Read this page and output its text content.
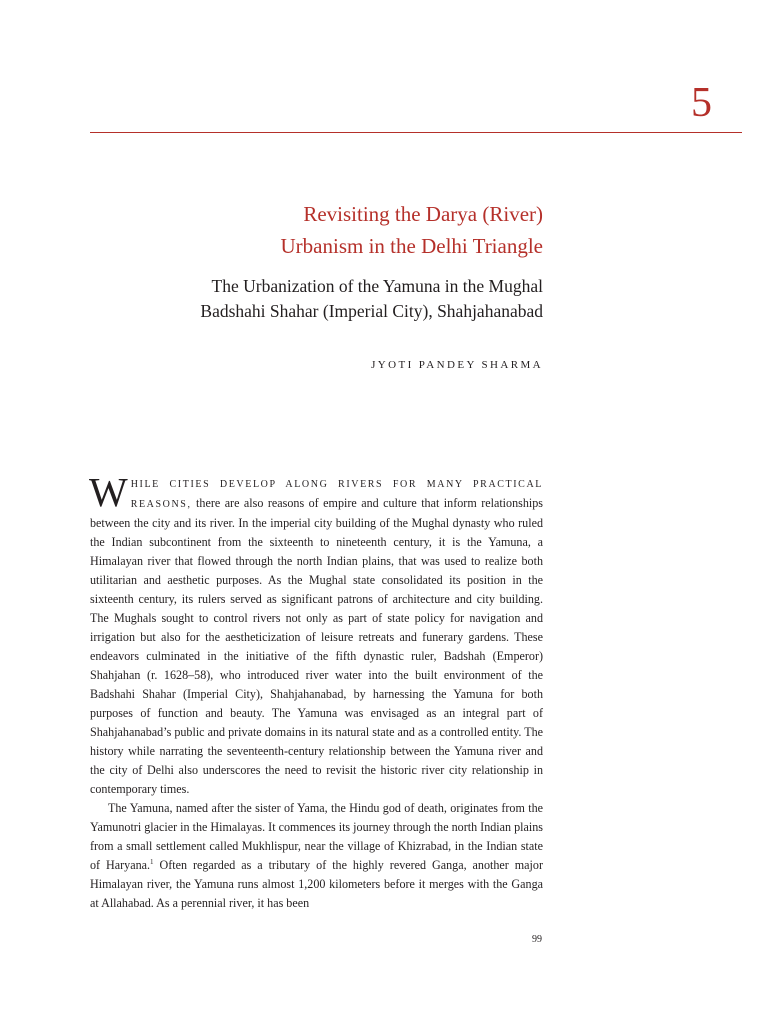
5
Revisiting the Darya (River)
Urbanism in the Delhi Triangle
The Urbanization of the Yamuna in the Mughal
Badshahi Shahar (Imperial City), Shahjahanabad
JYOTI PANDEY SHARMA

WHILE CITIES DEVELOP ALONG RIVERS FOR MANY PRACTICAL REASONS, there are also reasons of empire and culture that inform relationships between the city and its river. In the imperial city building of the Mughal dynasty who ruled the Indian subcontinent from the sixteenth to nineteenth century, it is the Yamuna, a Himalayan river that flowed through the north Indian plains, that was used to realize both utilitarian and aesthetic purposes. As the Mughal state consolidated its position in the sixteenth century, its rulers served as significant patrons of architecture and city building. The Mughals sought to control rivers not only as part of state policy for navigation and irrigation but also for the aestheticization of leisure retreats and funerary gardens. These endeavors culminated in the initiative of the fifth dynastic ruler, Badshah (Emperor) Shahjahan (r. 1628–58), who introduced river water into the built environment of the Badshahi Shahar (Imperial City), Shahjahanabad, by harnessing the Yamuna for both purposes of function and beauty. The Yamuna was envisaged as an integral part of Shahjahanabad’s public and private domains in its natural state and as a controlled entity. The history while narrating the seventeenth-century relationship between the Yamuna river and the city of Delhi also underscores the need to revisit the historic river city relationship in contemporary times.

The Yamuna, named after the sister of Yama, the Hindu god of death, originates from the Yamunotri glacier in the Himalayas. It commences its journey through the north Indian plains from a small settlement called Mukhlispur, near the village of Khizrabad, in the Indian state of Haryana.$^1$ Often regarded as a tributary of the highly revered Ganga, another major Himalayan river, the Yamuna runs almost 1,200 kilometers before it merges with the Ganga at Allahabad. As a perennial river, it has been

99
